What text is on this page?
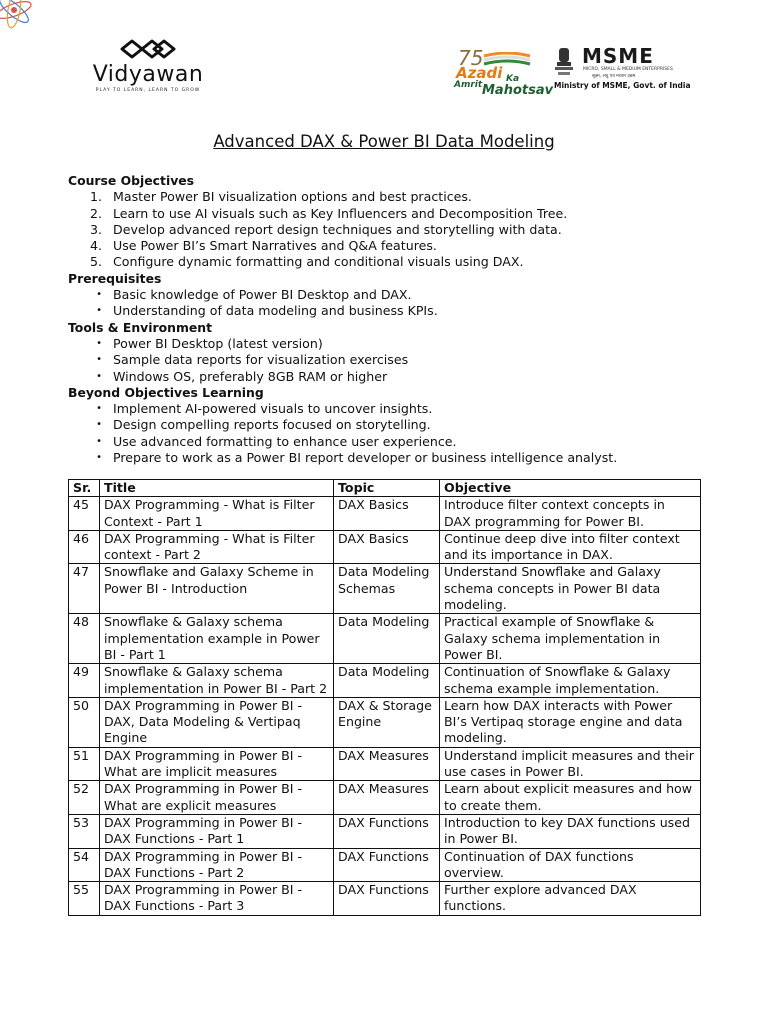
Vidyawan
PLAY TO LEARN, LEARN TO GROW
75
Azadi Ka
Amrit Mahotsav
MSME
MICRO, SMALL & MEDIUM ENTERPRISES
सूक्ष्म, लघु एवं मध्यम उद्यम
Ministry of MSME, Govt. of India
Advanced DAX & Power BI Data Modeling
Course Objectives
1. Master Power BI visualization options and best practices.
2. Learn to use AI visuals such as Key Influencers and Decomposition Tree.
3. Develop advanced report design techniques and storytelling with data.
4. Use Power BI’s Smart Narratives and Q&A features.
5. Configure dynamic formatting and conditional visuals using DAX.
Prerequisites
• Basic knowledge of Power BI Desktop and DAX.
• Understanding of data modeling and business KPIs.
Tools & Environment
• Power BI Desktop (latest version)
• Sample data reports for visualization exercises
• Windows OS, preferably 8GB RAM or higher
Beyond Objectives Learning
• Implement AI-powered visuals to uncover insights.
• Design compelling reports focused on storytelling.
• Use advanced formatting to enhance user experience.
• Prepare to work as a Power BI report developer or business intelligence analyst.
Sr.	Title	Topic	Objective
45	DAX Programming - What is Filter Context - Part 1	DAX Basics	Introduce filter context concepts in DAX programming for Power BI.
46	DAX Programming - What is Filter context - Part 2	DAX Basics	Continue deep dive into filter context and its importance in DAX.
47	Snowflake and Galaxy Scheme in Power BI - Introduction	Data Modeling Schemas	Understand Snowflake and Galaxy schema concepts in Power BI data modeling.
48	Snowflake & Galaxy schema implementation example in Power BI - Part 1	Data Modeling	Practical example of Snowflake & Galaxy schema implementation in Power BI.
49	Snowflake & Galaxy schema implementation in Power BI - Part 2	Data Modeling	Continuation of Snowflake & Galaxy schema example implementation.
50	DAX Programming in Power BI - DAX, Data Modeling & Vertipaq Engine	DAX & Storage Engine	Learn how DAX interacts with Power BI’s Vertipaq storage engine and data modeling.
51	DAX Programming in Power BI - What are implicit measures	DAX Measures	Understand implicit measures and their use cases in Power BI.
52	DAX Programming in Power BI - What are explicit measures	DAX Measures	Learn about explicit measures and how to create them.
53	DAX Programming in Power BI - DAX Functions - Part 1	DAX Functions	Introduction to key DAX functions used in Power BI.
54	DAX Programming in Power BI - DAX Functions - Part 2	DAX Functions	Continuation of DAX functions overview.
55	DAX Programming in Power BI - DAX Functions - Part 3	DAX Functions	Further explore advanced DAX functions.
